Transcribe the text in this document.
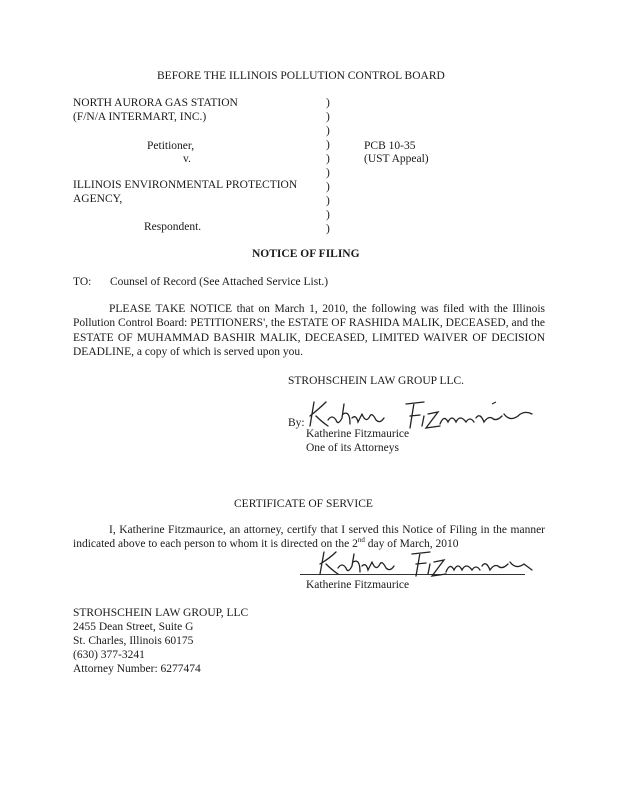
BEFORE THE ILLINOIS POLLUTION CONTROL BOARD
NORTH AURORA GAS STATION
(F/N/A INTERMART, INC.)
Petitioner,
v.
ILLINOIS ENVIRONMENTAL PROTECTION
AGENCY,
Respondent.
)
)
)
)
)
)
)
)
)
)
PCB 10-35
(UST Appeal)
NOTICE OF FILING
TO: Counsel of Record (See Attached Service List.)
PLEASE TAKE NOTICE that on March 1, 2010, the following was filed with the Illinois Pollution Control Board: PETITIONERS', the ESTATE OF RASHIDA MALIK, DECEASED, and the ESTATE OF MUHAMMAD BASHIR MALIK, DECEASED, LIMITED WAIVER OF DECISION DEADLINE, a copy of which is served upon you.
STROHSCHEIN LAW GROUP LLC.
By:
Katherine Fitzmaurice
One of its Attorneys
CERTIFICATE OF SERVICE
I, Katherine Fitzmaurice, an attorney, certify that I served this Notice of Filing in the manner indicated above to each person to whom it is directed on the 2nd day of March, 2010
Katherine Fitzmaurice
STROHSCHEIN LAW GROUP, LLC
2455 Dean Street, Suite G
St. Charles, Illinois 60175
(630) 377-3241
Attorney Number: 6277474
